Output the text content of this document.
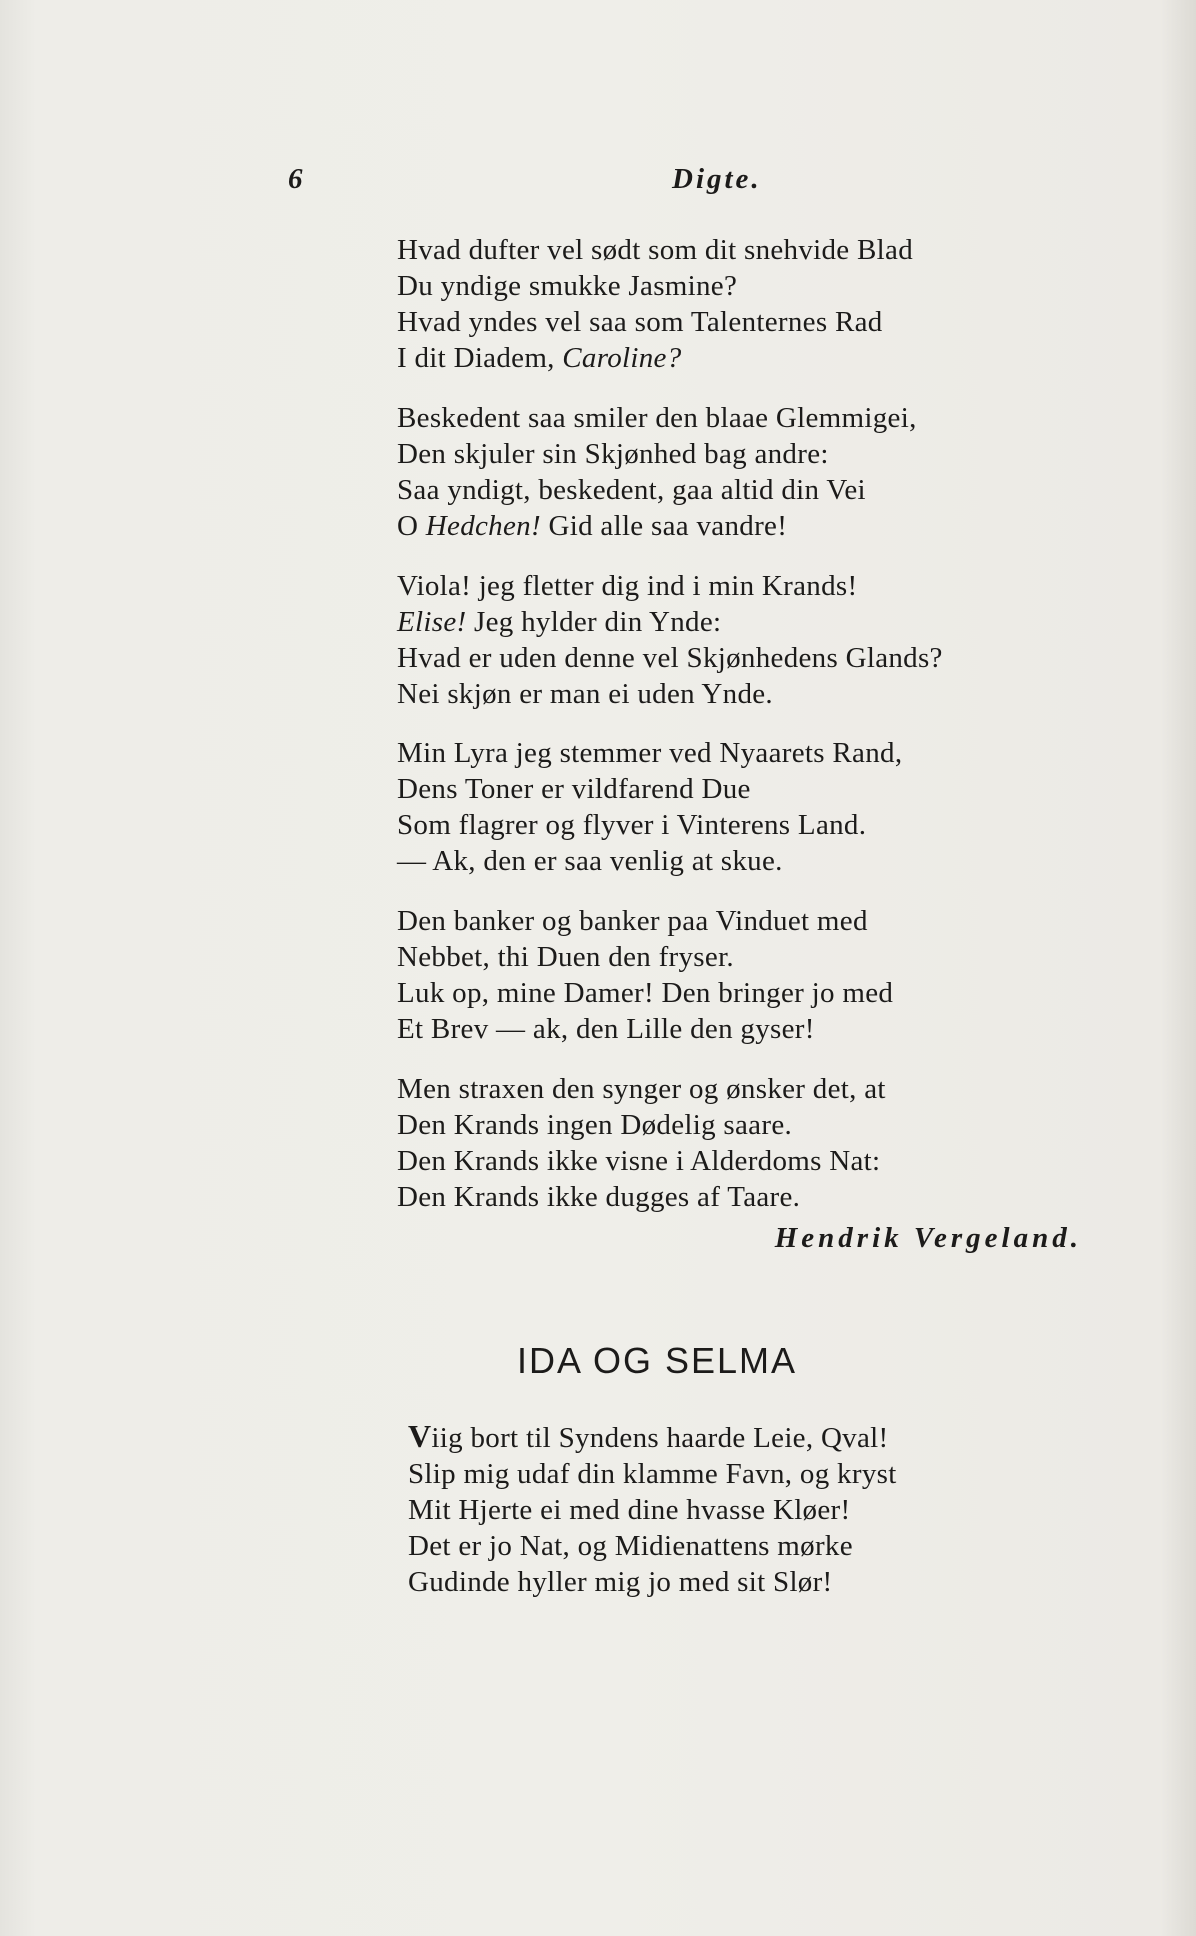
6	Digte.
Hvad dufter vel sødt som dit snehvide Blad
Du yndige smukke Jasmine?
Hvad yndes vel saa som Talenternes Rad
I dit Diadem, Caroline?
Beskedent saa smiler den blaae Glemmigei,
Den skjuler sin Skjønhed bag andre:
Saa yndigt, beskedent, gaa altid din Vei
O Hedchen! Gid alle saa vandre!
Viola! jeg fletter dig ind i min Krands!
Elise! Jeg hylder din Ynde:
Hvad er uden denne vel Skjønhedens Glands?
Nei skjøn er man ei uden Ynde.
Min Lyra jeg stemmer ved Nyaarets Rand,
Dens Toner er vildfarend Due
Som flagrer og flyver i Vinterens Land.
— Ak, den er saa venlig at skue.
Den banker og banker paa Vinduet med
Nebbet, thi Duen den fryser.
Luk op, mine Damer! Den bringer jo med
Et Brev — ak, den Lille den gyser!
Men straxen den synger og ønsker det, at
Den Krands ingen Dødelig saare.
Den Krands ikke visne i Alderdoms Nat:
Den Krands ikke dugges af Taare.
Hendrik Vergeland.
IDA OG SELMA
Viig bort til Syndens haarde Leie, Qval!
Slip mig udaf din klamme Favn, og kryst
Mit Hjerte ei med dine hvasse Kløer!
Det er jo Nat, og Midienattens mørke
Gudinde hyller mig jo med sit Slør!
